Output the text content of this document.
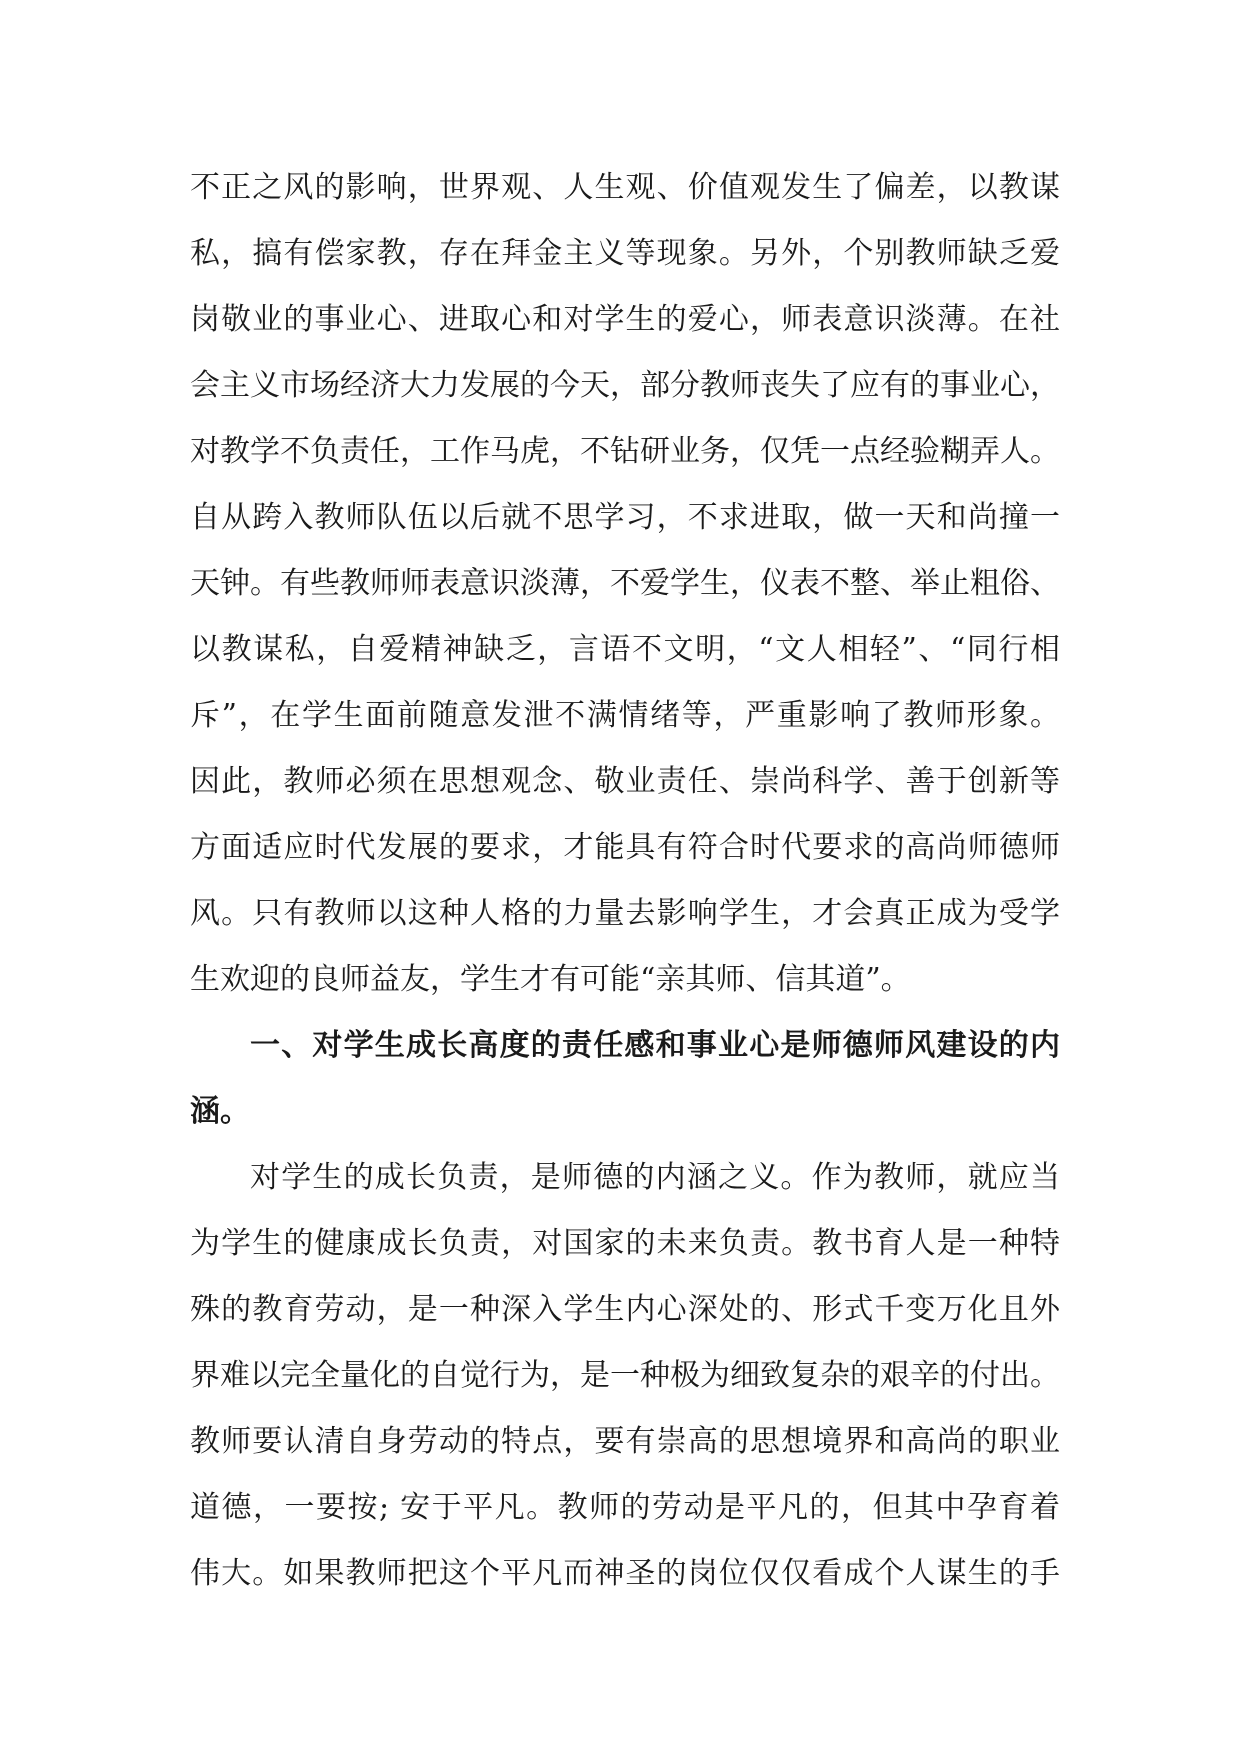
不正之风的影响，世界观、人生观、价值观发生了偏差，以教谋
私，搞有偿家教，存在拜金主义等现象。另外，个别教师缺乏爱
岗敬业的事业心、进取心和对学生的爱心，师表意识淡薄。在社
会主义市场经济大力发展的今天，部分教师丧失了应有的事业心，
对教学不负责任，工作马虎，不钻研业务，仅凭一点经验糊弄人。
自从跨入教师队伍以后就不思学习，不求进取，做一天和尚撞一
天钟。有些教师师表意识淡薄，不爱学生，仪表不整、举止粗俗、
以教谋私，自爱精神缺乏，言语不文明，“文人相轻”、“同行相
斥”，在学生面前随意发泄不满情绪等，严重影响了教师形象。
因此，教师必须在思想观念、敬业责任、崇尚科学、善于创新等
方面适应时代发展的要求，才能具有符合时代要求的高尚师德师
风。只有教师以这种人格的力量去影响学生，才会真正成为受学
生欢迎的良师益友，学生才有可能“亲其师、信其道”。
一、对学生成长高度的责任感和事业心是师德师风建设的内
涵。
对学生的成长负责，是师德的内涵之义。作为教师，就应当
为学生的健康成长负责，对国家的未来负责。教书育人是一种特
殊的教育劳动，是一种深入学生内心深处的、形式千变万化且外
界难以完全量化的自觉行为，是一种极为细致复杂的艰辛的付出。
教师要认清自身劳动的特点，要有崇高的思想境界和高尚的职业
道德，一要按; 安于平凡。教师的劳动是平凡的，但其中孕育着
伟大。如果教师把这个平凡而神圣的岗位仅仅看成个人谋生的手
